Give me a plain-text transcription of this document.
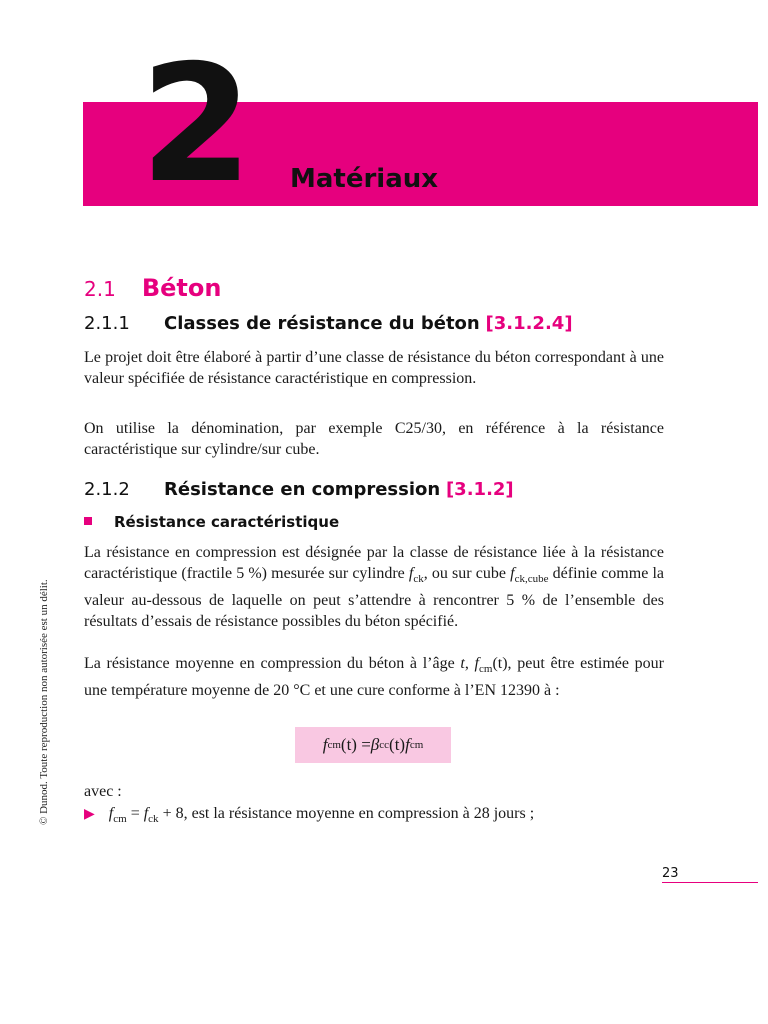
2 Matériaux
2.1 Béton
2.1.1 Classes de résistance du béton [3.1.2.4]

Le projet doit être élaboré à partir d’une classe de résistance du béton correspondant à une valeur spécifiée de résistance caractéristique en compression.

On utilise la dénomination, par exemple C25/30, en référence à la résistance caractéristique sur cylindre/sur cube.

2.1.2 Résistance en compression [3.1.2]
Résistance caractéristique

La résistance en compression est désignée par la classe de résistance liée à la résistance caractéristique (fractile 5 %) mesurée sur cylindre $f_{ck}$, ou sur cube $f_{ck,cube}$ définie comme la valeur au-dessous de laquelle on peut s’attendre à rencontrer 5 % de l’ensemble des résultats d’essais de résistance possibles du béton spécifié.

La résistance moyenne en compression du béton à l’âge t, $f_{cm}(t)$, peut être estimée pour une température moyenne de 20 °C et une cure conforme à l’EN 12390 à :

f cm (t) = β cc (t) f cm
avec :
▶ $f_{cm} = f_{ck} + 8$, est la résistance moyenne en compression à 28 jours ;
23
© Dunod. Toute reproduction non autorisée est un délit.
